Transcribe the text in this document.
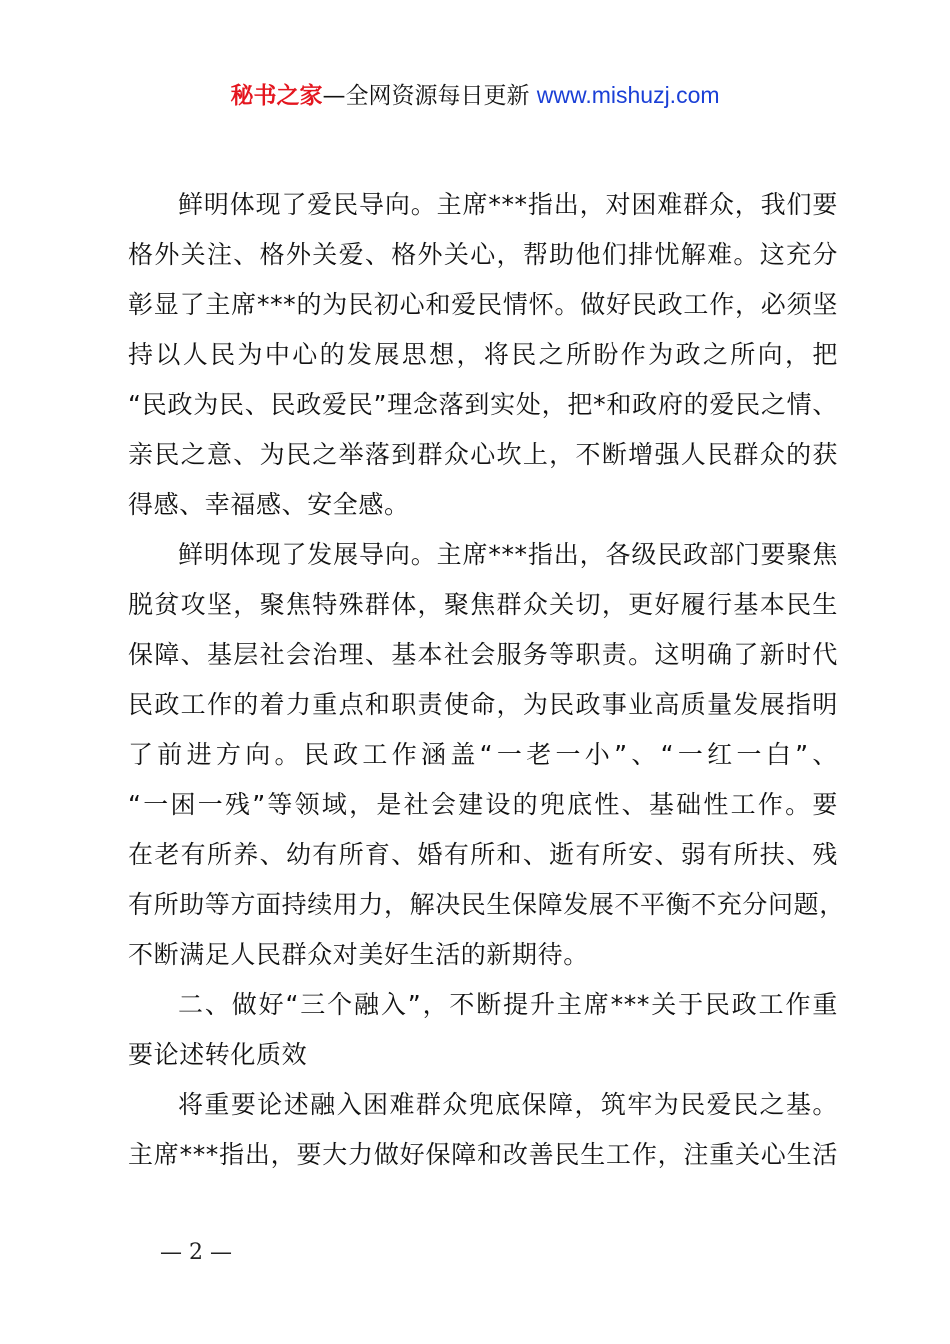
秘书之家—全网资源每日更新 www.mishuzj.com
鲜明体现了爱民导向。主席***指出，对困难群众，我们要
格外关注、格外关爱、格外关心，帮助他们排忧解难。这充分
彰显了主席***的为民初心和爱民情怀。做好民政工作，必须坚
持以人民为中心的发展思想，将民之所盼作为政之所向，把
“民政为民、民政爱民”理念落到实处，把*和政府的爱民之情、
亲民之意、为民之举落到群众心坎上，不断增强人民群众的获
得感、幸福感、安全感。
鲜明体现了发展导向。主席***指出，各级民政部门要聚焦
脱贫攻坚，聚焦特殊群体，聚焦群众关切，更好履行基本民生
保障、基层社会治理、基本社会服务等职责。这明确了新时代
民政工作的着力重点和职责使命，为民政事业高质量发展指明
了前进方向。民政工作涵盖“一老一小”、“一红一白”、
“一困一残”等领域，是社会建设的兜底性、基础性工作。要
在老有所养、幼有所育、婚有所和、逝有所安、弱有所扶、残
有所助等方面持续用力，解决民生保障发展不平衡不充分问题，
不断满足人民群众对美好生活的新期待。
二、做好“三个融入”，不断提升主席***关于民政工作重
要论述转化质效
将重要论述融入困难群众兜底保障，筑牢为民爱民之基。
主席***指出，要大力做好保障和改善民生工作，注重关心生活
— 2 —
